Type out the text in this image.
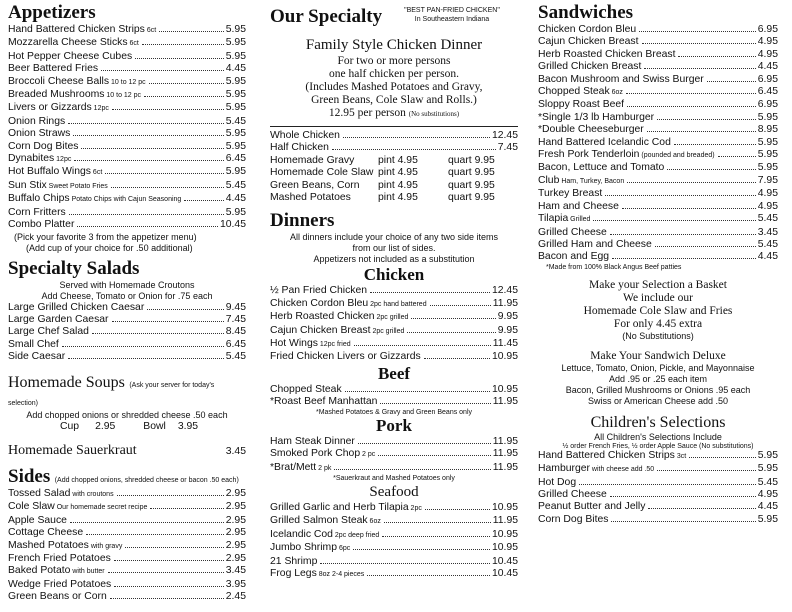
Appetizers
Hand Battered Chicken Strips 6ct	5.95
Mozzarella Cheese Sticks 6ct	5.95
Hot Pepper Cheese Cubes	5.95
Beer Battered Fries	4.45
Broccoli Cheese Balls 10 to 12 pc	5.95
Breaded Mushrooms 10 to 12 pc	5.95
Livers or Gizzards 12pc	5.95
Onion Rings	5.45
Onion Straws	5.95
Corn Dog Bites	5.95
Dynabites 12pc	6.45
Hot Buffalo Wings 6ct	5.95
Sun Stix Sweet Potato Fries	5.45
Buffalo Chips Potato Chips with Cajun Seasoning	4.45
Corn Fritters	5.95
Combo Platter	10.45
(Pick your favorite 3 from the appetizer menu)
(Add cup of your choice for .50 additional)
Specialty Salads
Served with Homemade Croutons
Add Cheese, Tomato or Onion for .75 each
Large Grilled Chicken Caesar	9.45
Large Garden Caesar	7.45
Large Chef Salad	8.45
Small Chef	6.45
Side Caesar	5.45
Homemade Soups (Ask your server for today's selection)
Add chopped onions or shredded cheese .50 each
Cup 2.95	Bowl 3.95
Homemade Sauerkraut	3.45
Sides (Add chopped onions, shredded cheese or bacon .50 each)
Tossed Salad with croutons	2.95
Cole Slaw Our homemade secret recipe	2.95
Apple Sauce	2.95
Cottage Cheese	2.95
Mashed Potatoes with gravy	2.95
French Fried Potatoes	2.95
Baked Potato with butter	3.45
Wedge Fried Potatoes	3.95
Green Beans or Corn	2.45
Our Specialty	"BEST PAN-FRIED CHICKEN"
In Southeastern Indiana
Family Style Chicken Dinner
For two or more persons
one half chicken per person.
(Includes Mashed Potatoes and Gravy,
Green Beans, Cole Slaw and Rolls.)
12.95 per person (No substitutions)
Whole Chicken	12.45
Half Chicken	7.45
Homemade Gravy	pint 4.95	quart 9.95
Homemade Cole Slaw pint 4.95	quart 9.95
Green Beans, Corn	pint 4.95	quart 9.95
Mashed Potatoes	pint 4.95	quart 9.95
Dinners
All dinners include your choice of any two side items
from our list of sides.
Appetizers not included as a substitution
Chicken
½ Pan Fried Chicken	12.45
Chicken Cordon Bleu 2pc hand battered	11.95
Herb Roasted Chicken 2pc grilled	9.95
Cajun Chicken Breast 2pc grilled	9.95
Hot Wings 12pc fried	11.45
Fried Chicken Livers or Gizzards	10.95
Beef
Chopped Steak	10.95
*Roast Beef Manhattan	11.95
*Mashed Potatoes & Gravy and Green Beans only
Pork
Ham Steak Dinner	11.95
Smoked Pork Chop 2 pc	11.95
*Brat/Mett 2 pk	11.95
*Sauerkraut and Mashed Potatoes only
Seafood
Grilled Garlic and Herb Tilapia 2pc	10.95
Grilled Salmon Steak 6oz	11.95
Icelandic Cod 2pc deep fried	10.95
Jumbo Shrimp 6pc	10.95
21 Shrimp	10.45
Frog Legs 8oz 2-4 pieces	10.45
Sandwiches
Chicken Cordon Bleu	6.95
Cajun Chicken Breast	4.95
Herb Roasted Chicken Breast	4.95
Grilled Chicken Breast	4.45
Bacon Mushroom and Swiss Burger	6.95
Chopped Steak 6oz	6.45
Sloppy Roast Beef	6.95
*Single 1/3 lb Hamburger	5.95
*Double Cheeseburger	8.95
Hand Battered Icelandic Cod	5.95
Fresh Pork Tenderloin (pounded and breaded)	5.95
Bacon, Lettuce and Tomato	5.95
Club Ham, Turkey, Bacon	7.95
Turkey Breast	4.95
Ham and Cheese	4.95
Tilapia Grilled	5.45
Grilled Cheese	3.45
Grilled Ham and Cheese	5.45
Bacon and Egg	4.45
*Made from 100% Black Angus Beef patties
Make your Selection a Basket
We include our
Homemade Cole Slaw and Fries
For only 4.45 extra
(No Substitutions)
Make Your Sandwich Deluxe
Lettuce, Tomato, Onion, Pickle, and Mayonnaise
Add .95 or .25 each item
Bacon, Grilled Mushrooms or Onions .95 each
Swiss or American Cheese add .50
Children's Selections
All Children's Selections Include
½ order French Fries, ½ order Apple Sauce (No substitutions)
Hand Battered Chicken Strips 3ct	5.95
Hamburger with cheese add .50	5.95
Hot Dog	5.45
Grilled Cheese	4.95
Peanut Butter and Jelly	4.45
Corn Dog Bites	5.95
